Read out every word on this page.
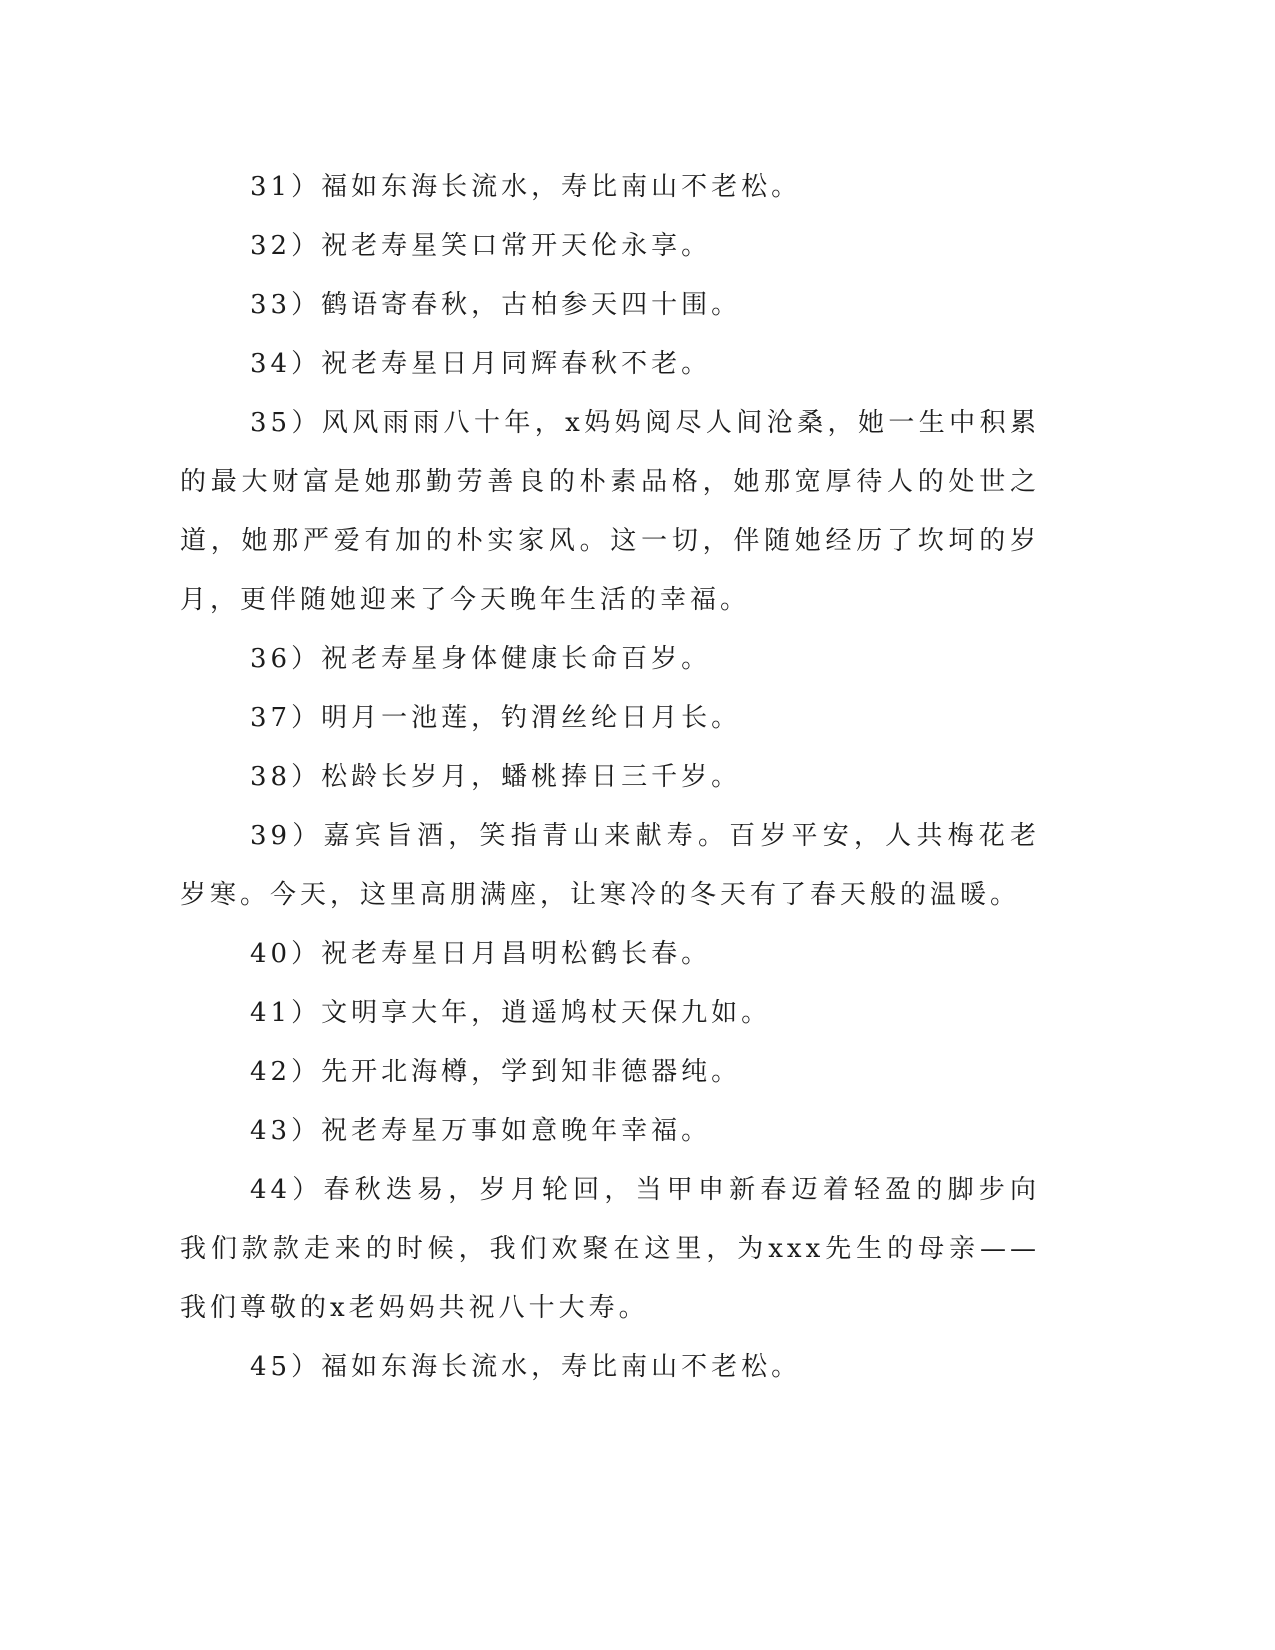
31）福如东海长流水，寿比南山不老松。

32）祝老寿星笑口常开天伦永享。

33）鹤语寄春秋，古柏参天四十围。

34）祝老寿星日月同辉春秋不老。

35）风风雨雨八十年，x妈妈阅尽人间沧桑，她一生中积累的最大财富是她那勤劳善良的朴素品格，她那宽厚待人的处世之道，她那严爱有加的朴实家风。这一切，伴随她经历了坎坷的岁月，更伴随她迎来了今天晚年生活的幸福。

36）祝老寿星身体健康长命百岁。

37）明月一池莲，钓渭丝纶日月长。

38）松龄长岁月，蟠桃捧日三千岁。

39）嘉宾旨酒，笑指青山来献寿。百岁平安，人共梅花老岁寒。今天，这里高朋满座，让寒冷的冬天有了春天般的温暖。

40）祝老寿星日月昌明松鹤长春。

41）文明享大年，逍遥鸠杖天保九如。

42）先开北海樽，学到知非德器纯。

43）祝老寿星万事如意晚年幸福。

44）春秋迭易，岁月轮回，当甲申新春迈着轻盈的脚步向我们款款走来的时候，我们欢聚在这里，为xxx先生的母亲——我们尊敬的x老妈妈共祝八十大寿。

45）福如东海长流水，寿比南山不老松。
